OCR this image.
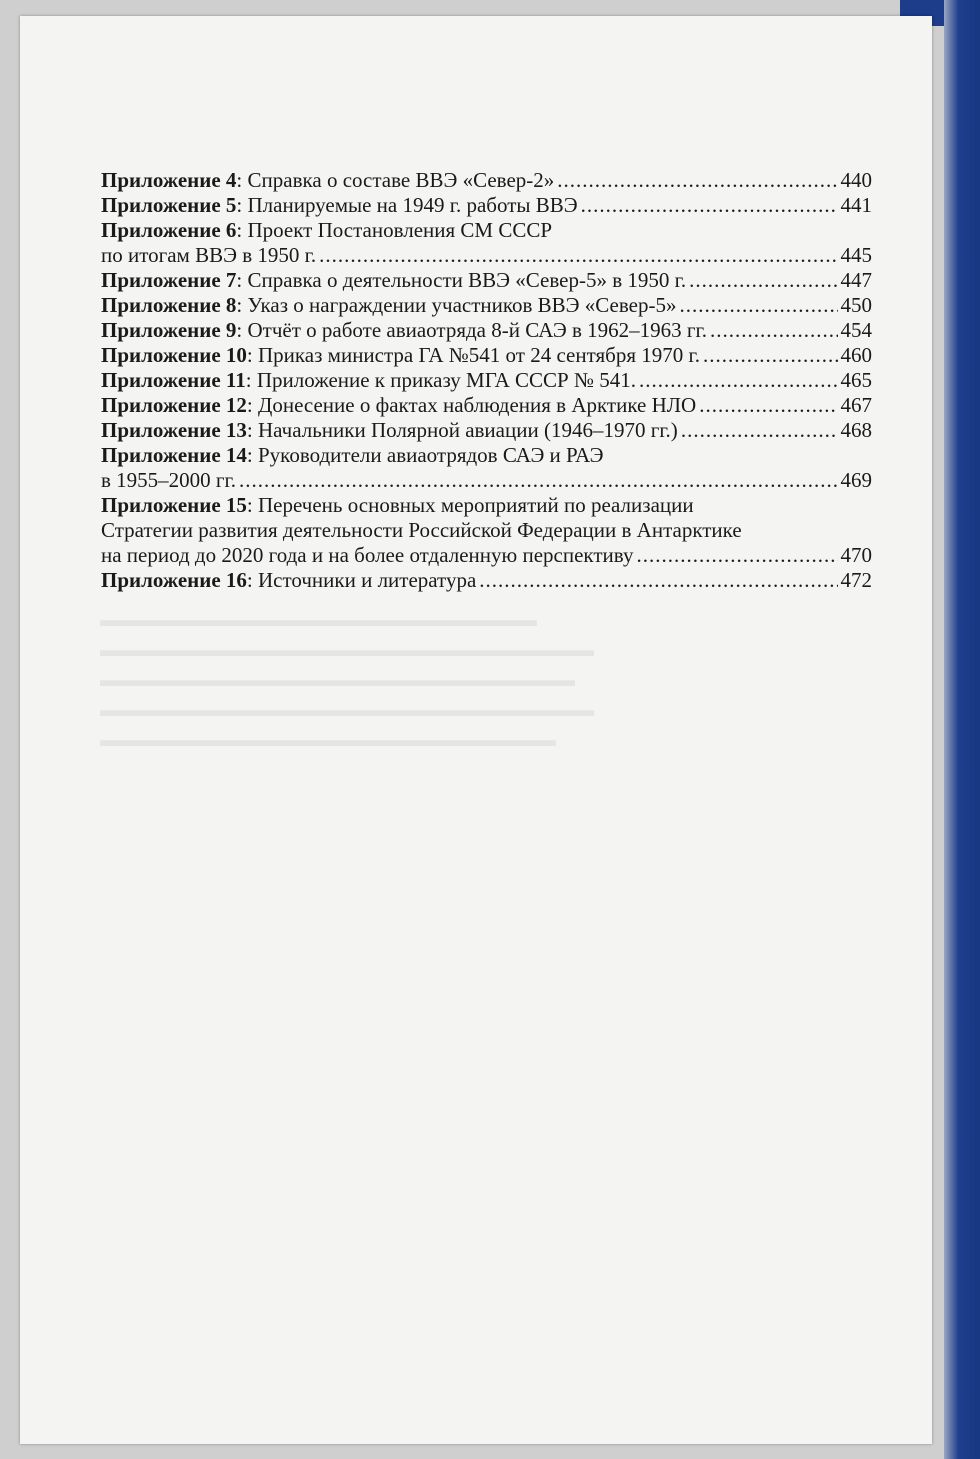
▬▬▬▬▬▬▬▬▬▬▬▬▬▬▬▬▬▬▬▬▬▬▬
▬▬▬▬▬▬▬▬▬▬▬▬▬▬▬▬▬▬▬▬▬▬▬▬▬▬
▬▬▬▬▬▬▬▬▬▬▬▬▬▬▬▬▬▬▬▬▬▬▬▬▬
▬▬▬▬▬▬▬▬▬▬▬▬▬▬▬▬▬▬▬▬▬▬▬▬▬▬
▬▬▬▬▬▬▬▬▬▬▬▬▬▬▬▬▬▬▬▬▬▬▬▬
Приложение 4: Справка о составе ВВЭ «Север-2» .....	440
Приложение 5: Планируемые на 1949 г. работы ВВЭ .....	441
Приложение 6: Проект Постановления СМ СССР
по итогам ВВЭ в 1950 г. .....	445
Приложение 7: Справка о деятельности ВВЭ «Север-5» в 1950 г. .....	447
Приложение 8: Указ о награждении участников ВВЭ «Север-5» .....	450
Приложение 9: Отчёт о работе авиаотряда 8-й САЭ в 1962–1963 гг. .....	454
Приложение 10: Приказ министра ГА №541 от 24 сентября 1970 г. .....	460
Приложение 11: Приложение к приказу МГА СССР № 541. .....	465
Приложение 12: Донесение о фактах наблюдения в Арктике НЛО .....	467
Приложение 13: Начальники Полярной авиации (1946–1970 гг.) .....	468
Приложение 14: Руководители авиаотрядов САЭ и РАЭ
в 1955–2000 гг. .....	469
Приложение 15: Перечень основных мероприятий по реализации
Стратегии развития деятельности Российской Федерации в Антарктике
на период до 2020 года и на более отдаленную перспективу .....	470
Приложение 16: Источники и литература .....	472
